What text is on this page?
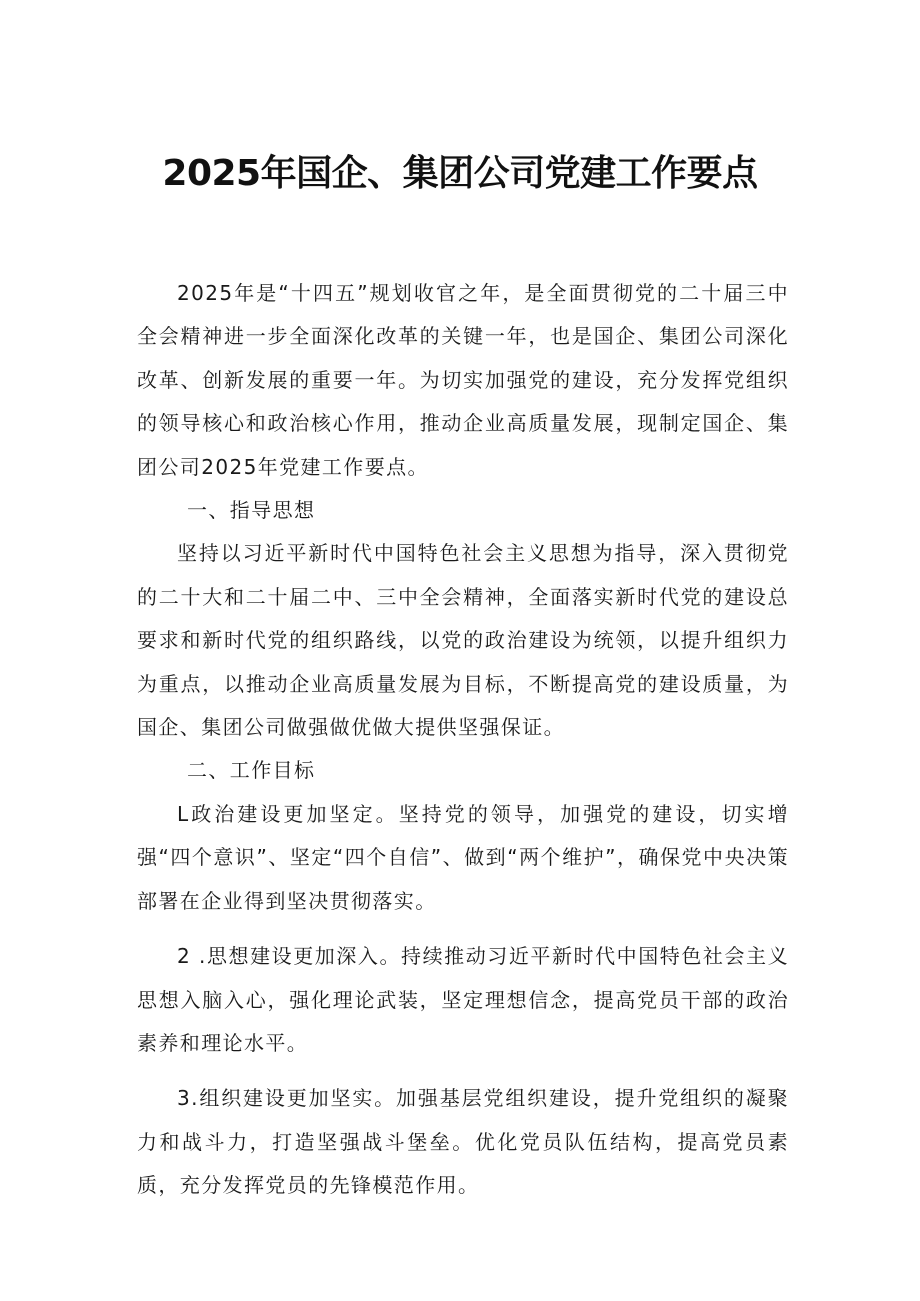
2025年国企、集团公司党建工作要点

2025年是“十四五”规划收官之年，是全面贯彻党的二十届三中全会精神进一步全面深化改革的关键一年，也是国企、集团公司深化改革、创新发展的重要一年。为切实加强党的建设，充分发挥党组织的领导核心和政治核心作用，推动企业高质量发展，现制定国企、集团公司2025年党建工作要点。

一、指导思想

坚持以习近平新时代中国特色社会主义思想为指导，深入贯彻党的二十大和二十届二中、三中全会精神，全面落实新时代党的建设总要求和新时代党的组织路线，以党的政治建设为统领，以提升组织力为重点，以推动企业高质量发展为目标，不断提高党的建设质量，为国企、集团公司做强做优做大提供坚强保证。

二、工作目标

L政治建设更加坚定。坚持党的领导，加强党的建设，切实增强“四个意识”、坚定“四个自信”、做到“两个维护”，确保党中央决策部署在企业得到坚决贯彻落实。

2 .思想建设更加深入。持续推动习近平新时代中国特色社会主义思想入脑入心，强化理论武装，坚定理想信念，提高党员干部的政治素养和理论水平。

3.组织建设更加坚实。加强基层党组织建设，提升党组织的凝聚力和战斗力，打造坚强战斗堡垒。优化党员队伍结构，提高党员素质，充分发挥党员的先锋模范作用。
